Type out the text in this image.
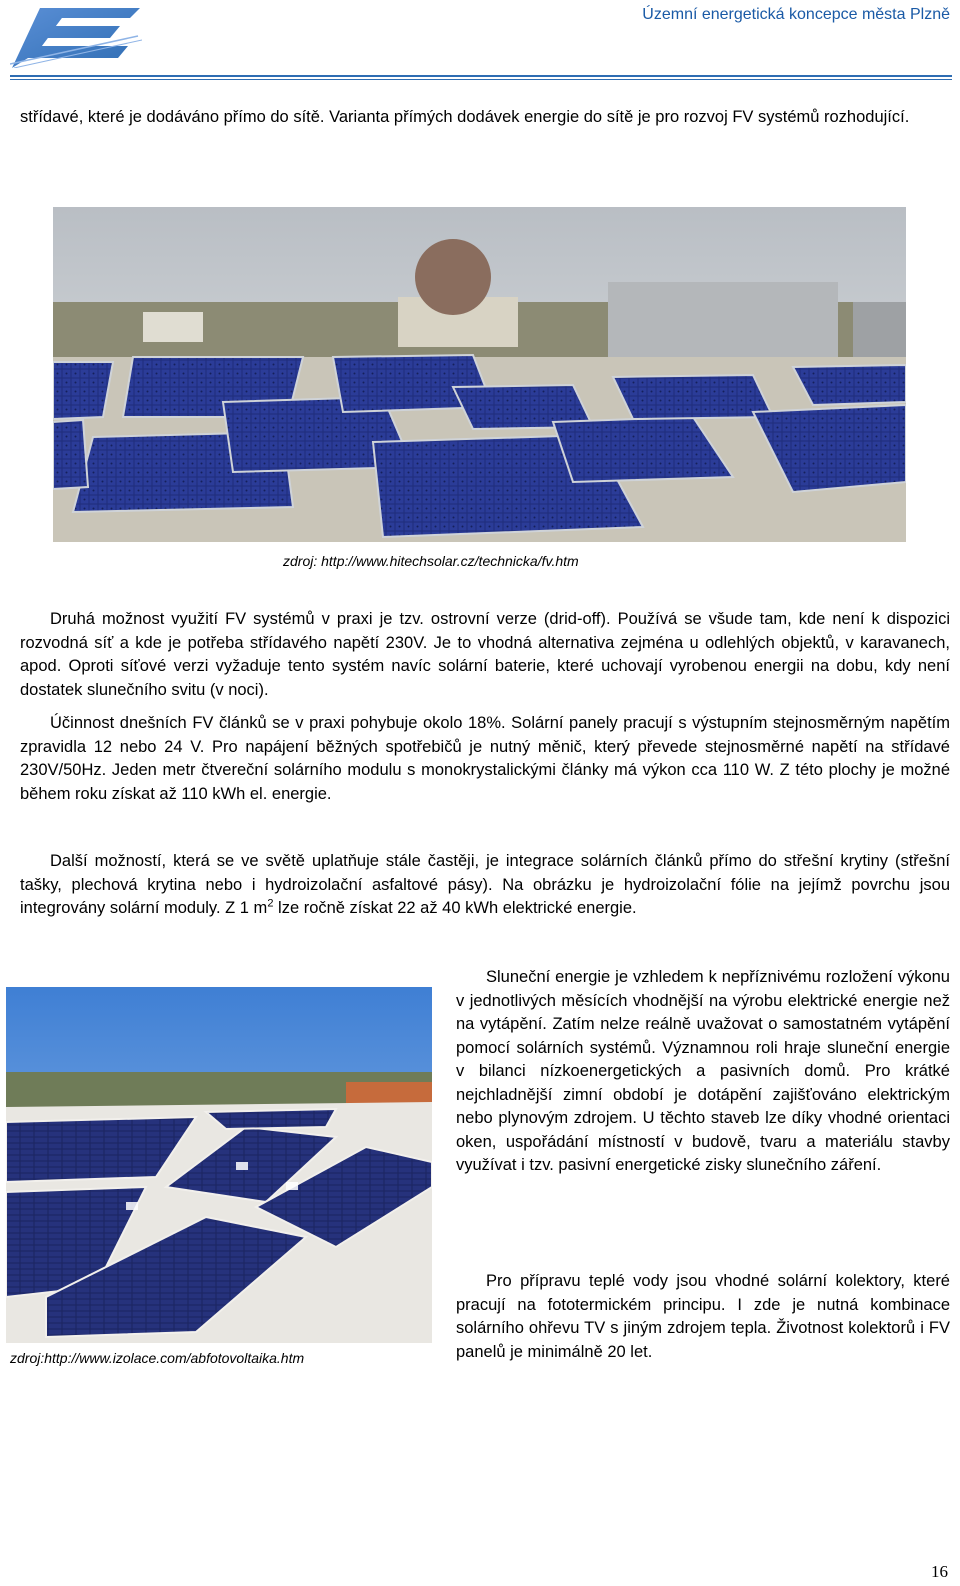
Územní energetická koncepce města Plzně

střídavé, které je dodáváno přímo do sítě. Varianta přímých dodávek energie do sítě je pro rozvoj FV systémů rozhodující.

zdroj: http://www.hitechsolar.cz/technicka/fv.htm

Druhá možnost využití FV systémů v praxi je tzv. ostrovní verze (drid-off). Používá se všude tam, kde není k dispozici rozvodná síť a kde je potřeba střídavého napětí 230V. Je to vhodná alternativa zejména u odlehlých objektů, v karavanech, apod. Oproti síťové verzi vyžaduje tento systém navíc solární baterie, které uchovají vyrobenou energii na dobu, kdy není dostatek slunečního svitu (v noci).

Účinnost dnešních FV článků se v praxi pohybuje okolo 18%. Solární panely pracují s výstupním stejnosměrným napětím zpravidla 12 nebo 24 V. Pro napájení běžných spotřebičů je nutný měnič, který převede stejnosměrné napětí na střídavé 230V/50Hz. Jeden metr čtvereční solárního modulu s monokrystalickými články má výkon cca 110 W. Z této plochy je možné během roku získat až 110 kWh el. energie.

Další možností, která se ve světě uplatňuje stále častěji, je integrace solárních článků přímo do střešní krytiny (střešní tašky, plechová krytina nebo i hydroizolační asfaltové pásy). Na obrázku je hydroizolační fólie na jejímž povrchu jsou integrovány solární moduly. Z 1 $m^2$ lze ročně získat 22 až 40 kWh elektrické energie.

zdroj:http://www.izolace.com/abfotovoltaika.htm

Sluneční energie je vzhledem k nepříznivému rozložení výkonu v jednotlivých měsících vhodnější na výrobu elektrické energie než na vytápění. Zatím nelze reálně uvažovat o samostatném vytápění pomocí solárních systémů. Významnou roli hraje sluneční energie v bilanci nízkoenergetických a pasivních domů. Pro krátké nejchladnější zimní období je dotápění zajišťováno elektrickým nebo plynovým zdrojem. U těchto staveb lze díky vhodné orientaci oken, uspořádání místností v budově, tvaru a materiálu stavby využívat i tzv. pasivní energetické zisky slunečního záření.

Pro přípravu teplé vody jsou vhodné solární kolektory, které pracují na fototermickém principu. I zde je nutná kombinace solárního ohřevu TV s jiným zdrojem tepla. Životnost kolektorů i FV panelů je minimálně 20 let.

16
